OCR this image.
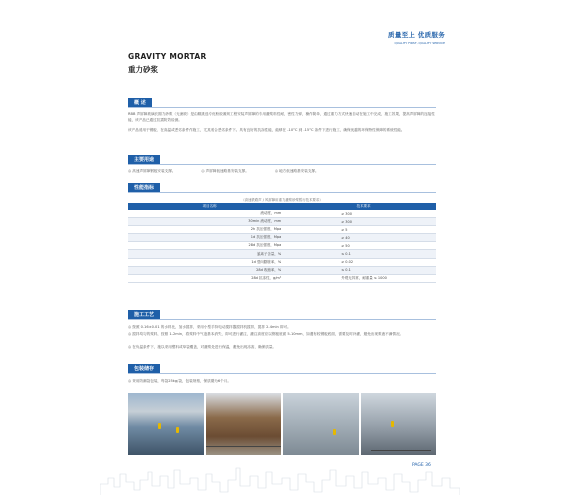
质量至上 优质服务
QUALITY FIRST, QUALITY SERVICE
GRAVITY MORTAR
重力砂浆
概 述
RBB 声屏障玻璃长期力砂浆（无流坡）是由精挑选专优粉胶凝剂工程安装声屏障的专用灌浆料性耐，密性力弹，操作简单，通过重力方式快速自动在施工中完成，施工效果，提高声屏障的连接性能，该产品已通过抗震防效检测。
该产品适用于钢板、在高温或恶劣条件作施工，尤其适合恶劣条件下。具有良好的抗冻性能，能够在 -10°C 到 -15°C 条件下进行施工，确保优越的环保特性保障的系统性能。
主要用途
◎ 高速声屏障钢板安装支撑。	◎ 声屏障低速路基安装支撑。	◎ 地方低速路基安装支撑。
性能指标
《高速铁路声 / 风屏障用重力灌浆砂浆暂行技术要求》
项目名称	技术要求
流动度，mm	≥ 300
30min 流动度，mm	≥ 300
2h 抗压强度，Mpa	≥ 5
1d 抗压强度，Mpa	≥ 40
28d 抗压强度，Mpa	≥ 50
氯离子含量，%	≤ 0.1
1d 竖向膨胀率，%	≥ 0.02
28d 收缩率，%	≤ 0.1
28d 抗冻性，g/m²	外观无异常，耐重量 ≤ 1000
施工工艺
◎ 按照 0.16±0.01 的水料比，加水搅拌，采用小型手持电动搅拌器搅拌机搅拌，搅拌 2-4min 即可。
◎ 搅拌均匀的浆料，按照 1-2min，将浆料中气泡基本消失，即可进行灌注，灌注高度应以钢板底面 5-10mm，如遇有较钢板底面，需要及时补灌，避免出现浆液不满情况。
◎ 在负温条件下，施以采用塑料或草袋覆盖，对灌浆处进行保温，避免出现冻害，确保质量。
包装储存
◎ 采用防潮袋包装，每袋25kg/袋，包装规格，保质期为6个月。
PAGE 36
